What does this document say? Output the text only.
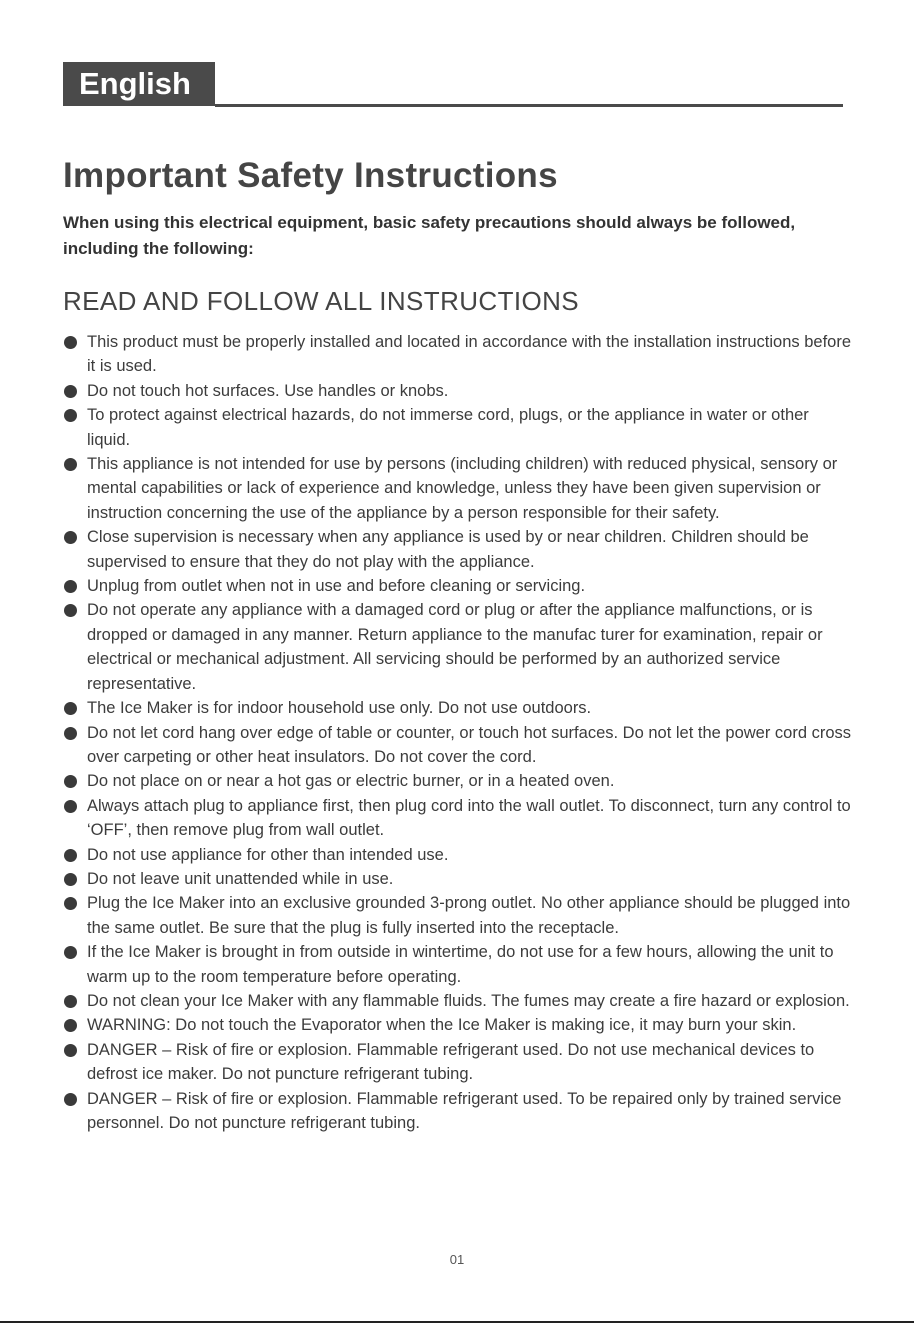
English
Important Safety Instructions

When using this electrical equipment, basic safety precautions should always be followed, including the following:

READ AND FOLLOW ALL INSTRUCTIONS
This product must be properly installed and located in accordance with the installation instructions before it is used.
Do not touch hot surfaces. Use handles or knobs.
To protect against electrical hazards, do not immerse cord, plugs, or the appliance in water or other liquid.
This appliance is not intended for use by persons (including children) with reduced physical, sensory or mental capabilities or lack of experience and knowledge, unless they have been given supervision or instruction concerning the use of the appliance by a person responsible for their safety.
Close supervision is necessary when any appliance is used by or near children. Children should be supervised to ensure that they do not play with the appliance.
Unplug from outlet when not in use and before cleaning or servicing.
Do not operate any appliance with a damaged cord or plug or after the appliance malfunctions, or is dropped or damaged in any manner. Return appliance to the manufac turer for examination, repair or electrical or mechanical adjustment. All servicing should be performed by an authorized service representative.
The Ice Maker is for indoor household use only. Do not use outdoors.
Do not let cord hang over edge of table or counter, or touch hot surfaces. Do not let the power cord cross over carpeting or other heat insulators. Do not cover the cord.
Do not place on or near a hot gas or electric burner, or in a heated oven.
Always attach plug to appliance first, then plug cord into the wall outlet. To disconnect, turn any control to ‘OFF’, then remove plug from wall outlet.
Do not use appliance for other than intended use.
Do not leave unit unattended while in use.
Plug the Ice Maker into an exclusive grounded 3-prong outlet. No other appliance should be plugged into the same outlet. Be sure that the plug is fully inserted into the receptacle.
If the Ice Maker is brought in from outside in wintertime, do not use for a few hours, allowing the unit to warm up to the room temperature before operating.
Do not clean your Ice Maker with any flammable fluids. The fumes may create a fire hazard or explosion.
WARNING: Do not touch the Evaporator when the Ice Maker is making ice, it may burn your skin.
DANGER – Risk of fire or explosion. Flammable refrigerant used. Do not use mechanical devices to defrost ice maker. Do not puncture refrigerant tubing.
DANGER – Risk of fire or explosion. Flammable refrigerant used. To be repaired only by trained service personnel. Do not puncture refrigerant tubing.
01
